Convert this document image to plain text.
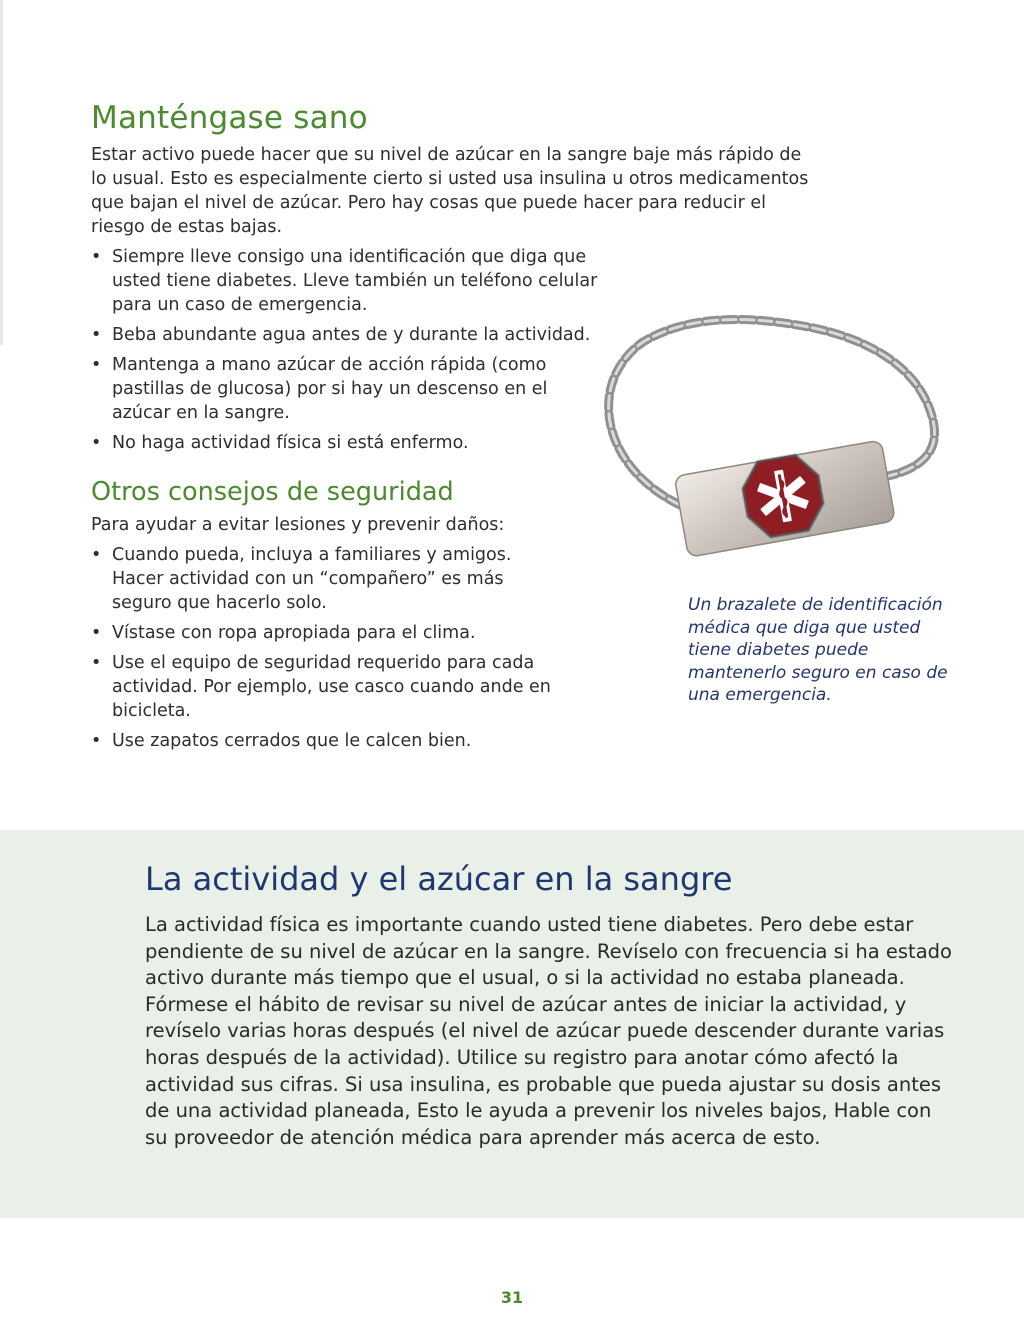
Manténgase sano

Estar activo puede hacer que su nivel de azúcar en la sangre baje más rápido de lo usual. Esto es especialmente cierto si usted usa insulina u otros medicamentos que bajan el nivel de azúcar. Pero hay cosas que puede hacer para reducir el riesgo de estas bajas.

• Siempre lleve consigo una identificación que diga que usted tiene diabetes. Lleve también un teléfono celular para un caso de emergencia.
• Beba abundante agua antes de y durante la actividad.
• Mantenga a mano azúcar de acción rápida (como pastillas de glucosa) por si hay un descenso en el azúcar en la sangre.
• No haga actividad física si está enfermo.
Otros consejos de seguridad

Para ayudar a evitar lesiones y prevenir daños:

• Cuando pueda, incluya a familiares y amigos. Hacer actividad con un “compañero” es más seguro que hacerlo solo.
• Vístase con ropa apropiada para el clima.
• Use el equipo de seguridad requerido para cada actividad. Por ejemplo, use casco cuando ande en bicicleta.
• Use zapatos cerrados que le calcen bien.

Un brazalete de identificación médica que diga que usted tiene diabetes puede mantenerlo seguro en caso de una emergencia.

La actividad y el azúcar en la sangre

La actividad física es importante cuando usted tiene diabetes. Pero debe estar pendiente de su nivel de azúcar en la sangre. Revíselo con frecuencia si ha estado activo durante más tiempo que el usual, o si la actividad no estaba planeada. Fórmese el hábito de revisar su nivel de azúcar antes de iniciar la actividad, y revíselo varias horas después (el nivel de azúcar puede descender durante varias horas después de la actividad). Utilice su registro para anotar cómo afectó la actividad sus cifras. Si usa insulina, es probable que pueda ajustar su dosis antes de una actividad planeada, Esto le ayuda a prevenir los niveles bajos, Hable con su proveedor de atención médica para aprender más acerca de esto.

31
